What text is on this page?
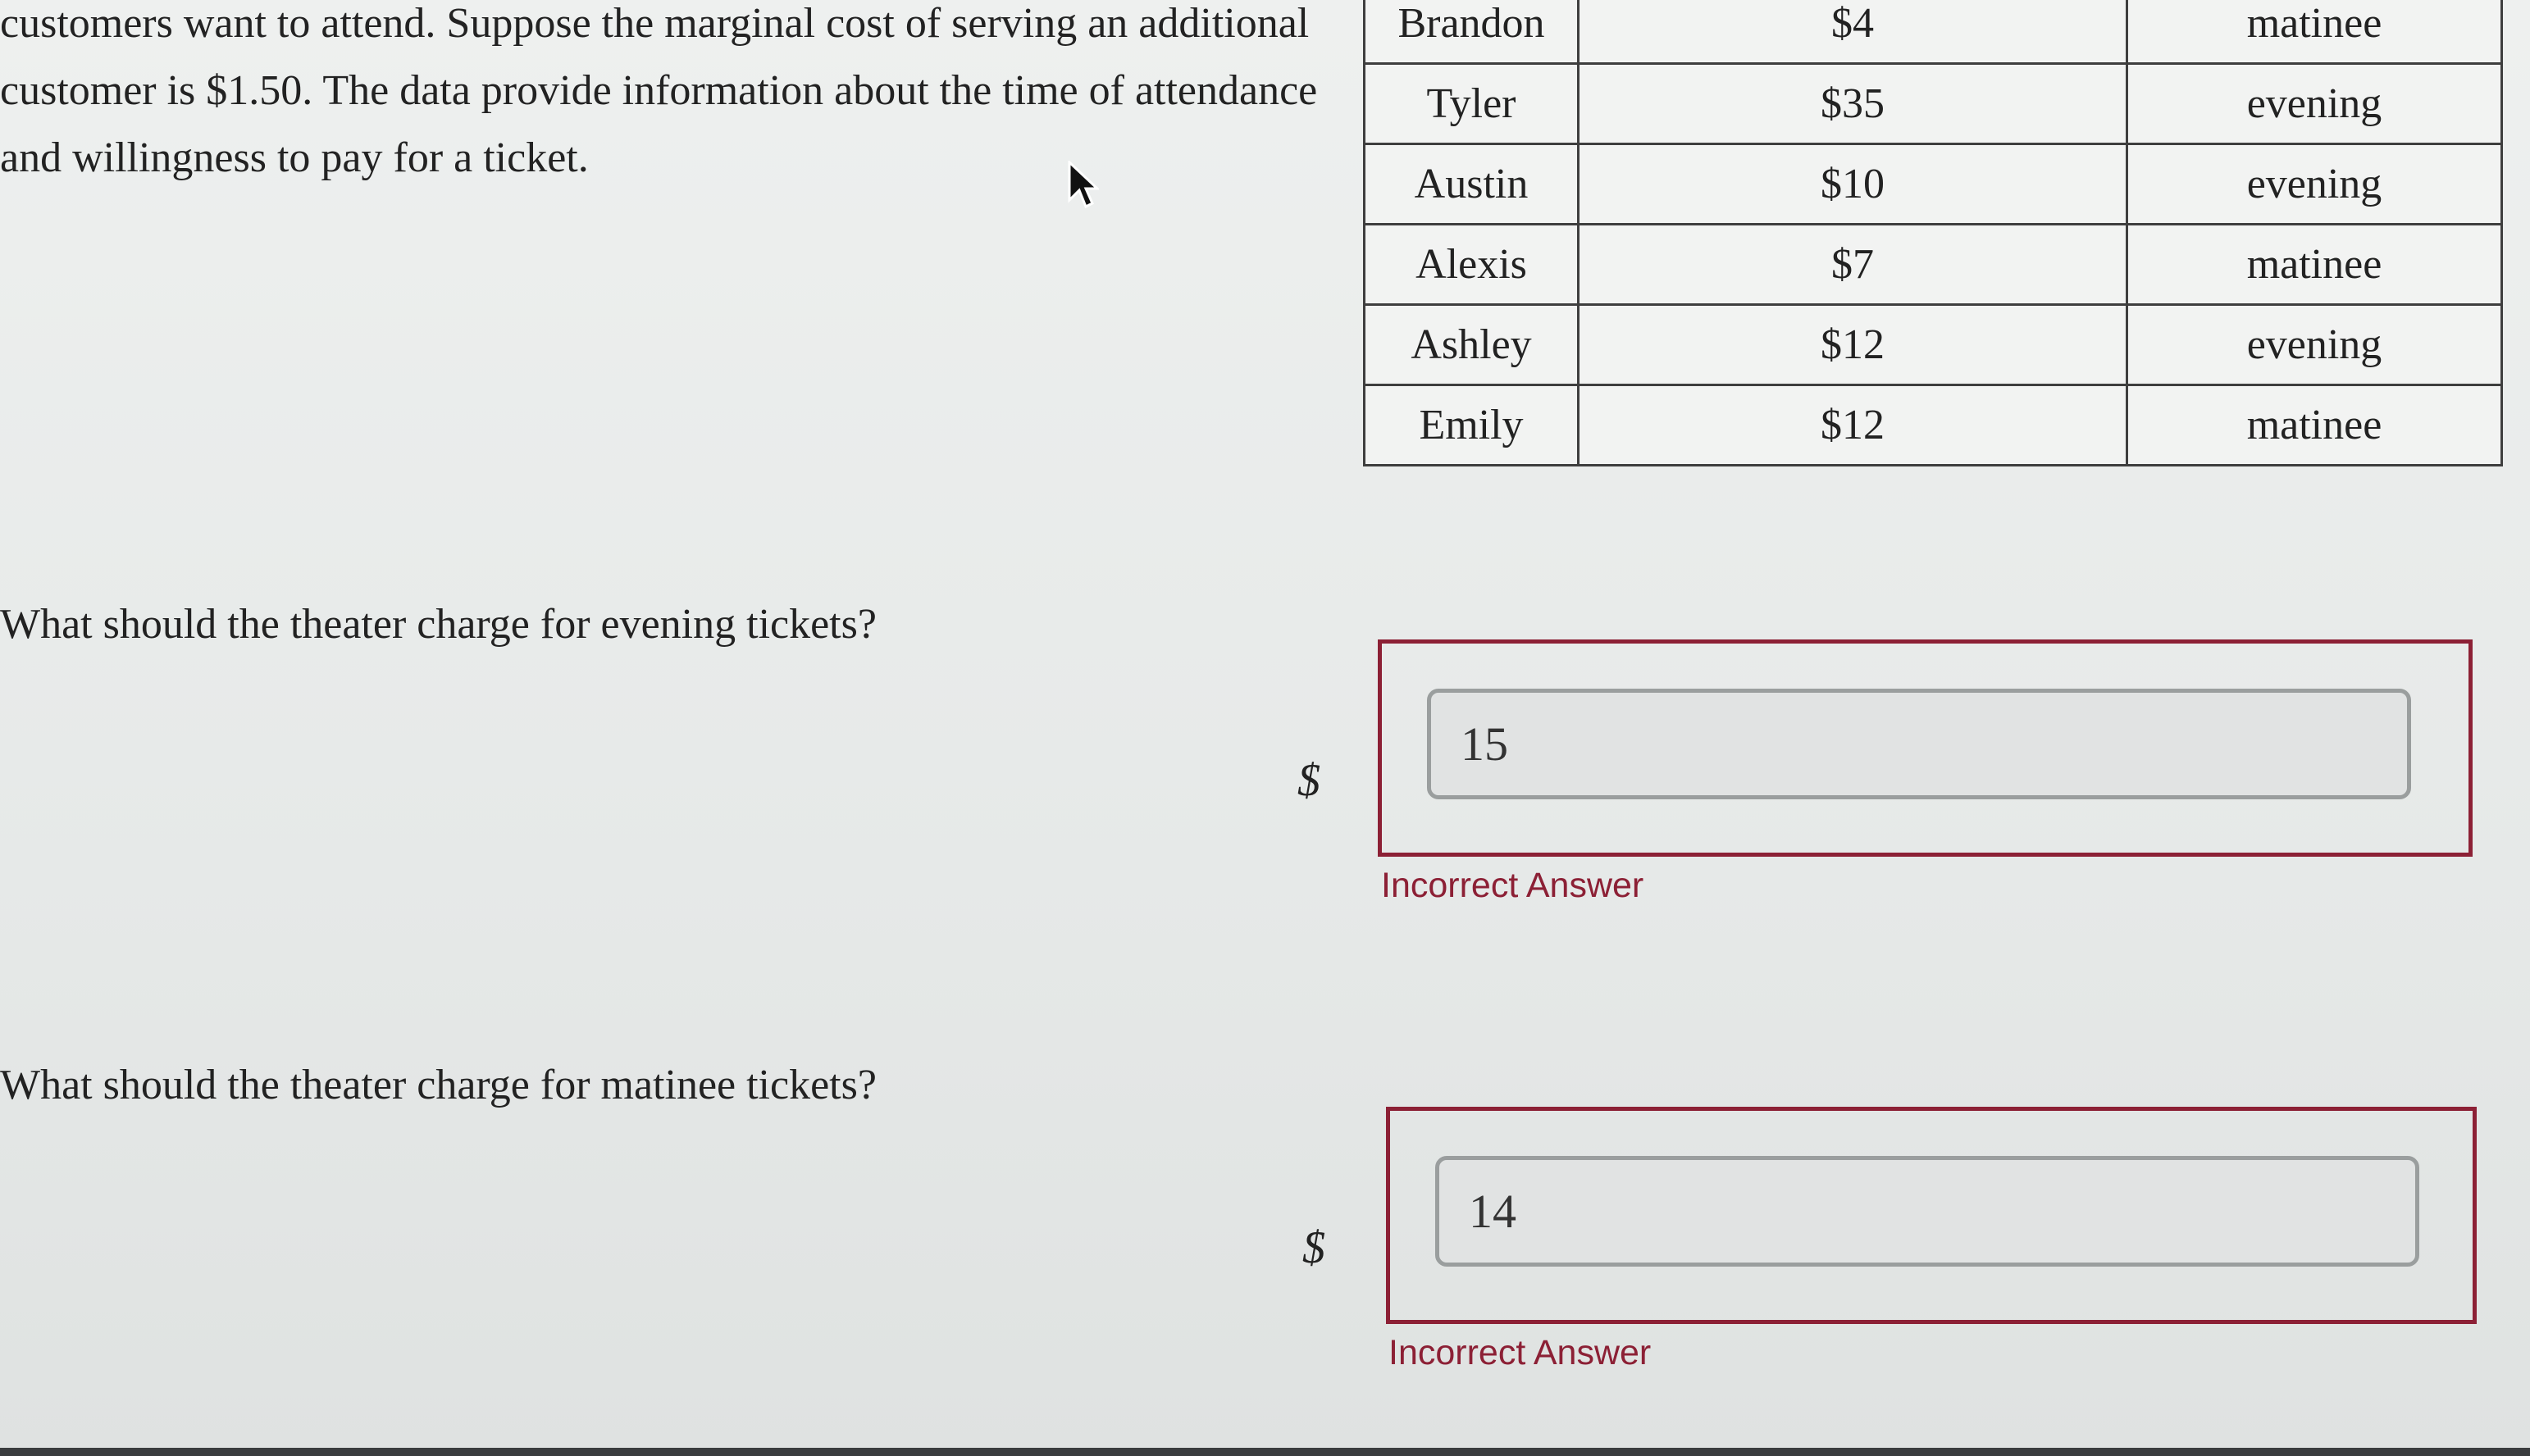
customers want to attend. Suppose the marginal cost of serving an additional customer is $1.50. The data provide information about the time of attendance and willingness to pay for a ticket.

Brandon	$4	matinee
Tyler	$35	evening
Austin	$10	evening
Alexis	$7	matinee
Ashley	$12	evening
Emily	$12	matinee

What should the theater charge for evening tickets?

$
15
Incorrect Answer

What should the theater charge for matinee tickets?

$
14
Incorrect Answer
